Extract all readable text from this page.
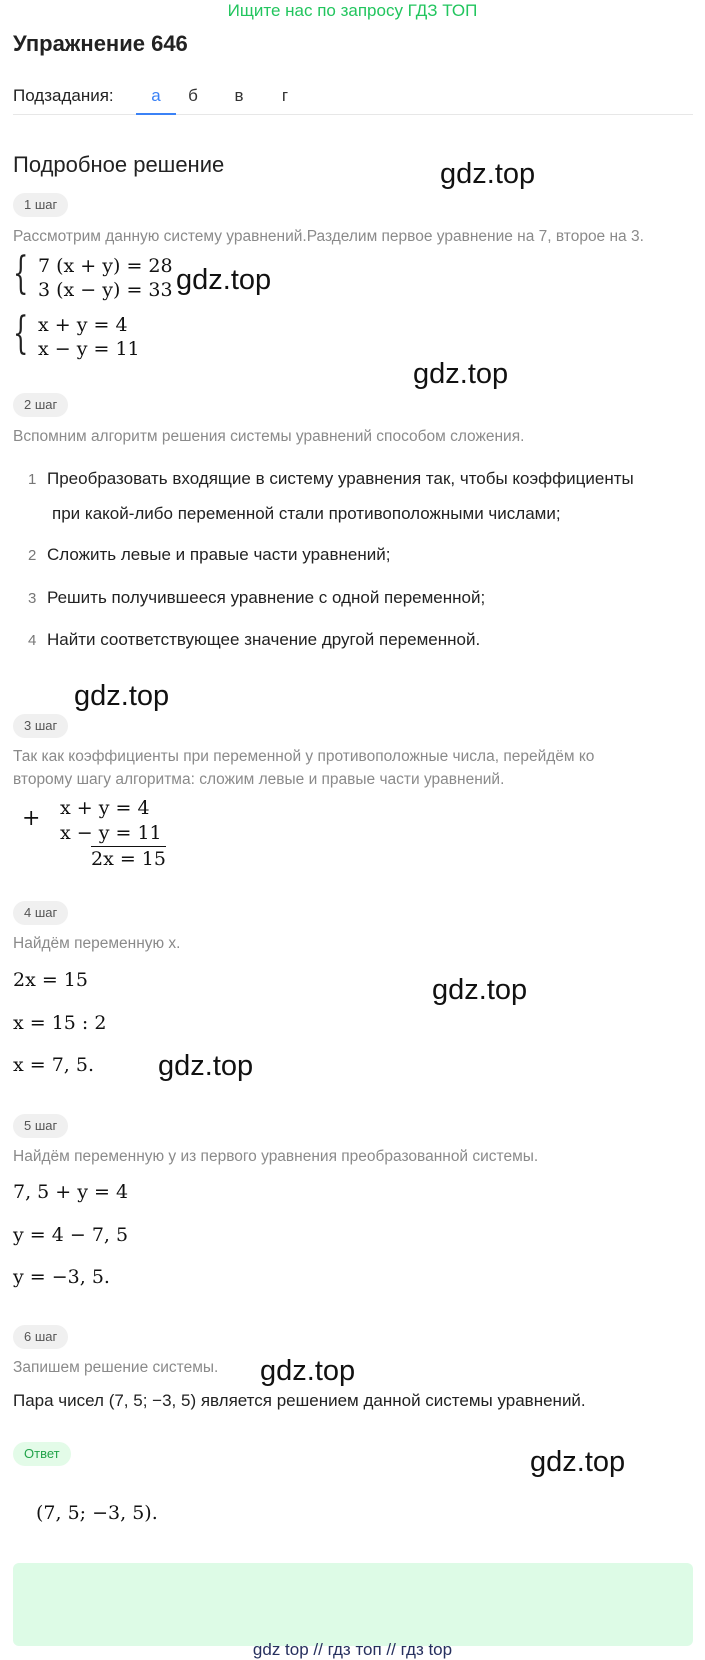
Ищите нас по запросу ГДЗ ТОП
Упражнение 646
Подзадания:	а	б	в	г
Подробное решение	gdz.top
gdz.top
gdz.top
gdz.top
gdz.top
gdz.top
gdz.top
gdz.top
1 шаг
Рассмотрим данную систему уравнений.Разделим первое уравнение на 7, второе на 3.
{ 7 (x + y) = 28
3 (x − y) = 33
{ x + y = 4
x − y = 11
2 шаг
Вспомним алгоритм решения системы уравнений способом сложения.
1 Преобразовать входящие в систему уравнения так, чтобы коэффициенты
при какой-либо переменной стали противоположными числами;
2 Сложить левые и правые части уравнений;
3 Решить получившееся уравнение с одной переменной;
4 Найти соответствующее значение другой переменной.
3 шаг
Так как коэффициенты при переменной y противоположные числа, перейдём ко
второму шагу алгоритма: сложим левые и правые части уравнений.
+ x + y = 4
x − y = 11
2x = 15
4 шаг
Найдём переменную x.
2x = 15
x = 15 : 2
x = 7, 5.
5 шаг
Найдём переменную y из первого уравнения преобразованной системы.
7, 5 + y = 4
y = 4 − 7, 5
y = −3, 5.
6 шаг
Запишем решение системы.
Пара чисел (7, 5; −3, 5) является решением данной системы уравнений.
Ответ
(7, 5; −3, 5).
gdz top // гдз топ // гдз top
